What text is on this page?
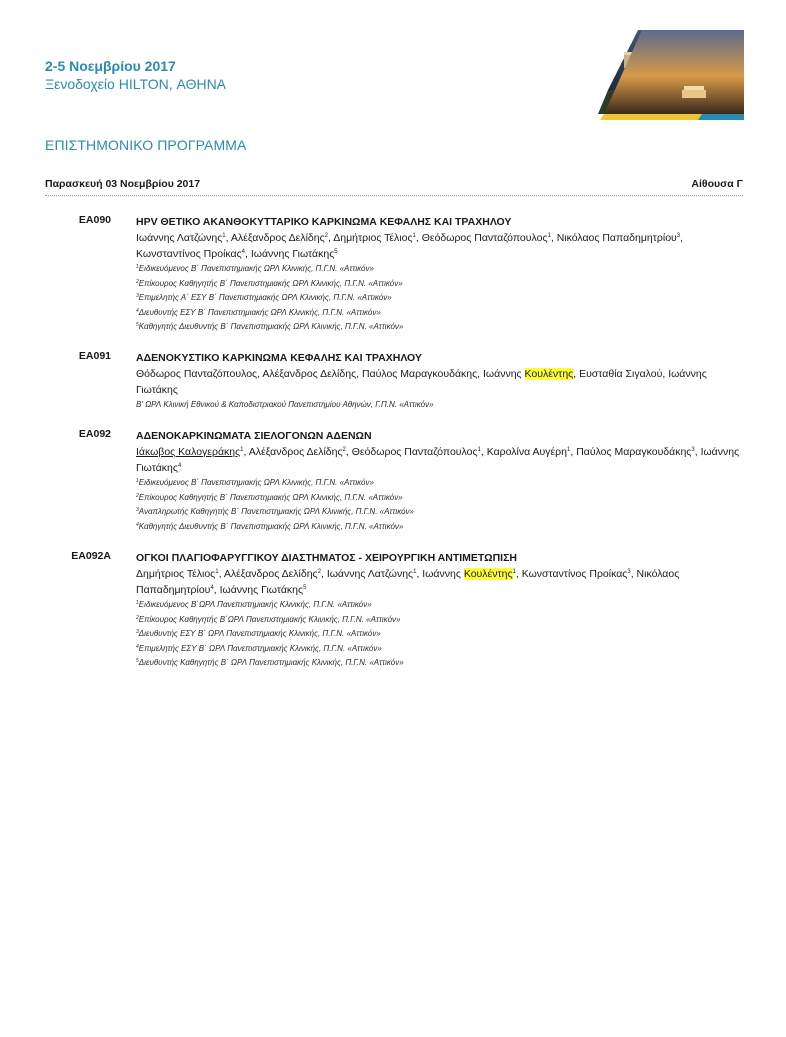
2-5 Νοεμβρίου 2017
Ξενοδοχείο HILTON, ΑΘΗΝΑ
ΕΠΙΣΤΗΜΟΝΙΚΟ ΠΡΟΓΡΑΜΜΑ
Παρασκευή 03 Νοεμβρίου 2017	Αίθουσα Γ
ΕΑ090 HPV ΘΕΤΙΚΟ ΑΚΑΝΘΟΚΥΤΤΑΡΙΚΟ ΚΑΡΚΙΝΩΜΑ ΚΕΦΑΛΗΣ ΚΑΙ ΤΡΑΧΗΛΟΥ
Ιωάννης Λατζώνης$^1$, Αλέξανδρος Δελίδης$^2$, Δημήτριος Τέλιος$^1$, Θεόδωρος Πανταζόπουλος$^1$, Νικόλαος Παπαδημητρίου$^3$, Κωνσταντίνος Προίκας$^4$, Ιωάννης Γιωτάκης$^5$
$^1$Ειδικευόμενος Β΄ Πανεπιστημιακής ΩΡΛ Κλινικής, Π.Γ.Ν. «Αττικόν»
$^2$Επίκουρος Καθηγητής Β΄ Πανεπιστημιακής ΩΡΛ Κλινικής, Π.Γ.Ν. «Αττικόν»
$^3$Επιμελητής Α΄ ΕΣΥ Β΄ Πανεπιστημιακής ΩΡΛ Κλινικής, Π.Γ.Ν. «Αττικόν»
$^4$Διευθυντής ΕΣΥ Β΄ Πανεπιστημιακής ΩΡΛ Κλινικής, Π.Γ.Ν. «Αττικόν»
$^5$Καθηγητής Διευθυντής Β΄ Πανεπιστημιακής ΩΡΛ Κλινικής, Π.Γ.Ν. «Αττικόν»
ΕΑ091 ΑΔΕΝΟΚΥΣΤΙΚΟ ΚΑΡΚΙΝΩΜΑ ΚΕΦΑΛΗΣ ΚΑΙ ΤΡΑΧΗΛΟΥ
Θόδωρος Πανταζόπουλος, Αλέξανδρος Δελίδης, Παύλος Μαραγκουδάκης, Ιωάννης Κουλέντης, Ευσταθία Σιγαλού, Ιωάννης Γιωτάκης
Β' ΩΡΛ Κλινική Εθνικού & Καποδιστριακού Πανεπιστημίου Αθηνών, Γ.Π.Ν. «Αττικόν»
ΕΑ092 ΑΔΕΝΟΚΑΡΚΙΝΩΜΑΤΑ ΣΙΕΛΟΓΟΝΩΝ ΑΔΕΝΩΝ
Ιάκωβος Καλογεράκης$^1$, Αλέξανδρος Δελίδης$^2$, Θεόδωρος Πανταζόπουλος$^1$, Καρολίνα Αυγέρη$^1$, Παύλος Μαραγκουδάκης$^3$, Ιωάννης Γιωτάκης$^4$
$^1$Ειδικευόμενος Β΄ Πανεπιστημιακής ΩΡΛ Κλινικής, Π.Γ.Ν. «Αττικόν»
$^2$Επίκουρος Καθηγητής Β΄ Πανεπιστημιακής ΩΡΛ Κλινικής, Π.Γ.Ν. «Αττικόν»
$^3$Αναπληρωτής Καθηγητής Β΄ Πανεπιστημιακής ΩΡΛ Κλινικής, Π.Γ.Ν. «Αττικόν»
$^4$Καθηγητής Διευθυντής Β΄ Πανεπιστημιακής ΩΡΛ Κλινικής, Π.Γ.Ν. «Αττικόν»
ΕΑ092Α ΟΓΚΟΙ ΠΛΑΓΙΟΦΑΡΥΓΓΙΚΟΥ ΔΙΑΣΤΗΜΑΤΟΣ - ΧΕΙΡΟΥΡΓΙΚΗ ΑΝΤΙΜΕΤΩΠΙΣΗ
Δημήτριος Τέλιος$^1$, Αλέξανδρος Δελίδης$^2$, Ιωάννης Λατζώνης$^1$, Ιωάννης Κουλέντης$^1$, Κωνσταντίνος Προίκας$^3$, Νικόλαος Παπαδημητρίου$^4$, Ιωάννης Γιωτάκης$^5$
$^1$Ειδικευόμενος Β΄ΩΡΛ Πανεπιστημιακής Κλινικής, Π.Γ.Ν. «Αττικόν»
$^2$Επίκουρος Καθηγητής Β΄ΩΡΛ Πανεπιστημιακής Κλινικής, Π.Γ.Ν. «Αττικόν»
$^3$Διευθυντής ΕΣΥ Β΄ ΩΡΛ Πανεπιστημιακής Κλινικής, Π.Γ.Ν. «Αττικόν»
$^4$Επιμελητής ΕΣΥ Β΄ ΩΡΛ Πανεπιστημιακής Κλινικής, Π.Γ.Ν. «Αττικόν»
$^5$Διευθυντής Καθηγητής Β΄ ΩΡΛ Πανεπιστημιακής Κλινικής, Π.Γ.Ν. «Αττικόν»
